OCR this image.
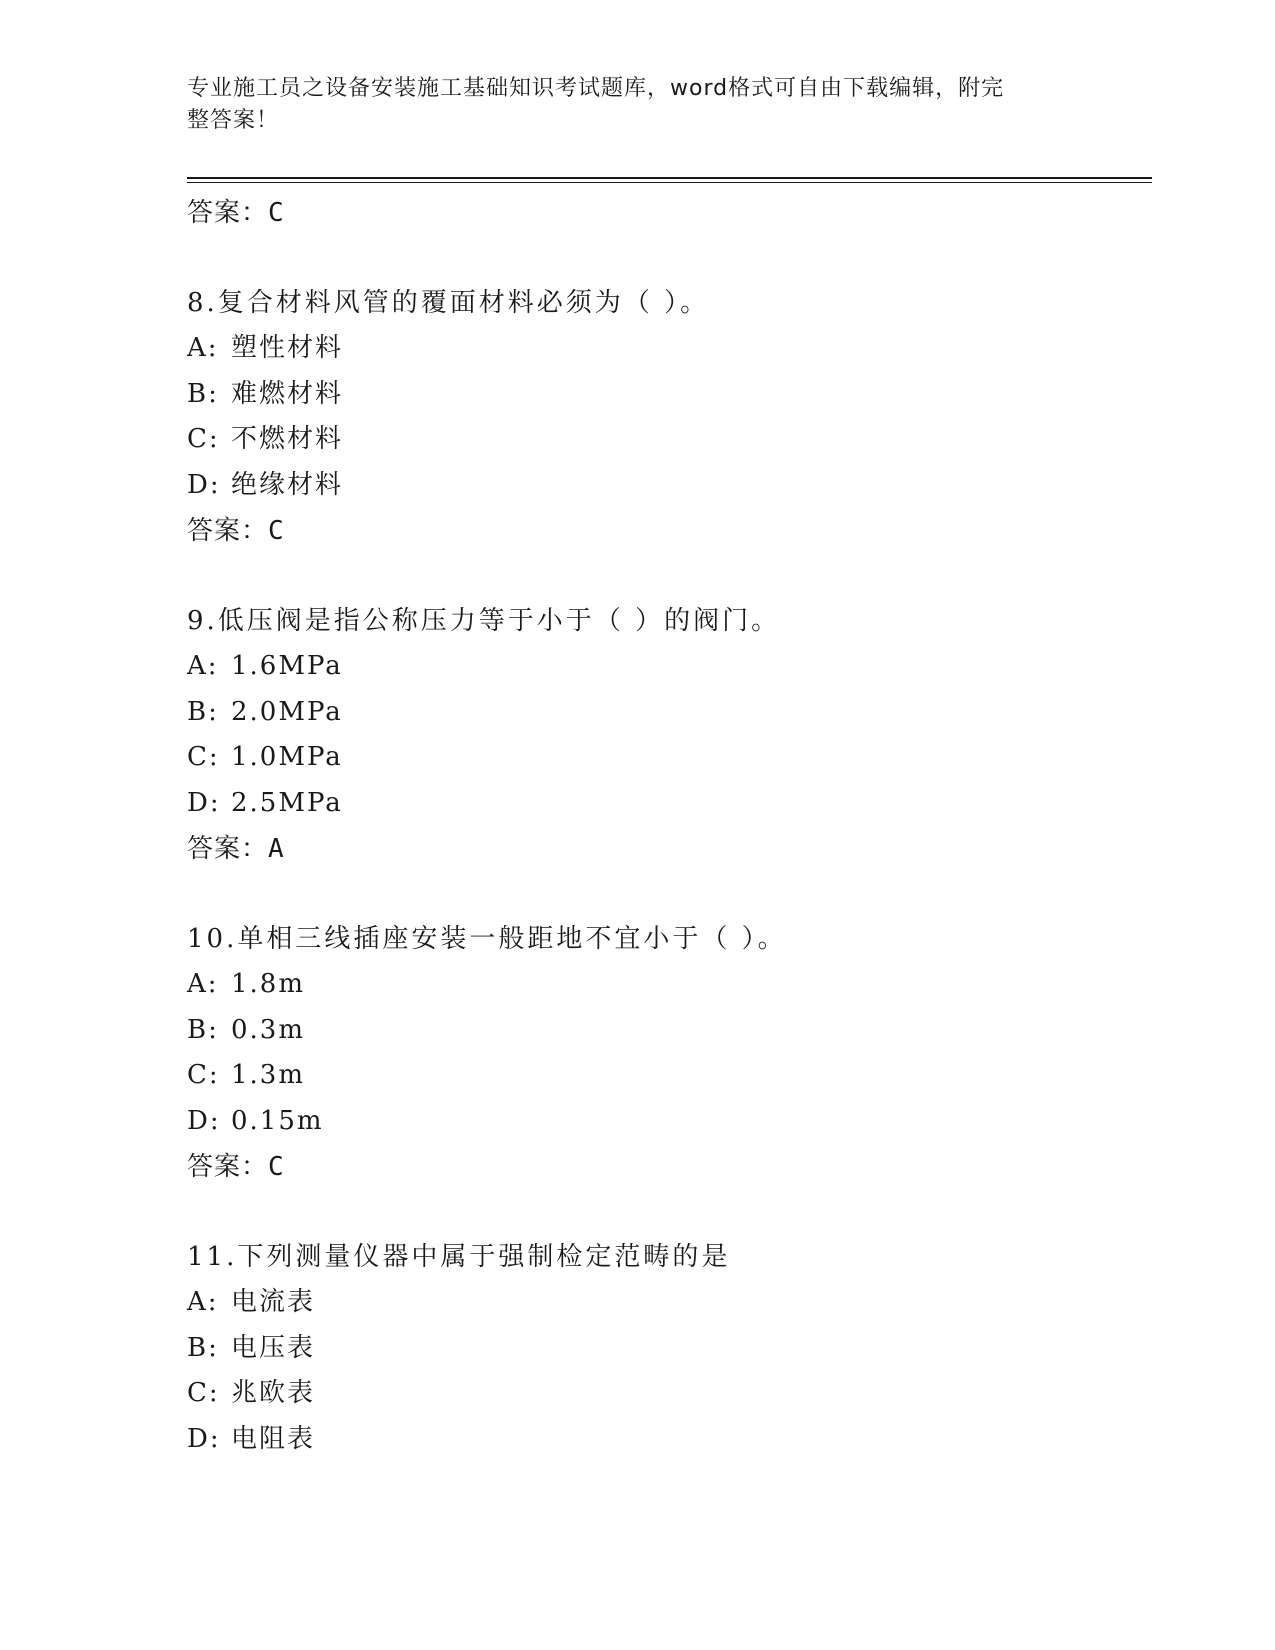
专业施工员之设备安装施工基础知识考试题库，word格式可自由下载编辑，附完
整答案！
答案：C
8.复合材料风管的覆面材料必须为（ ）。
A: 塑性材料
B: 难燃材料
C: 不燃材料
D: 绝缘材料
答案：C
9.低压阀是指公称压力等于小于（ ）的阀门。
A: 1.6MPa
B: 2.0MPa
C: 1.0MPa
D: 2.5MPa
答案：A
10.单相三线插座安装一般距地不宜小于（ ）。
A: 1.8m
B: 0.3m
C: 1.3m
D: 0.15m
答案：C
11.下列测量仪器中属于强制检定范畴的是
A: 电流表
B: 电压表
C: 兆欧表
D: 电阻表
